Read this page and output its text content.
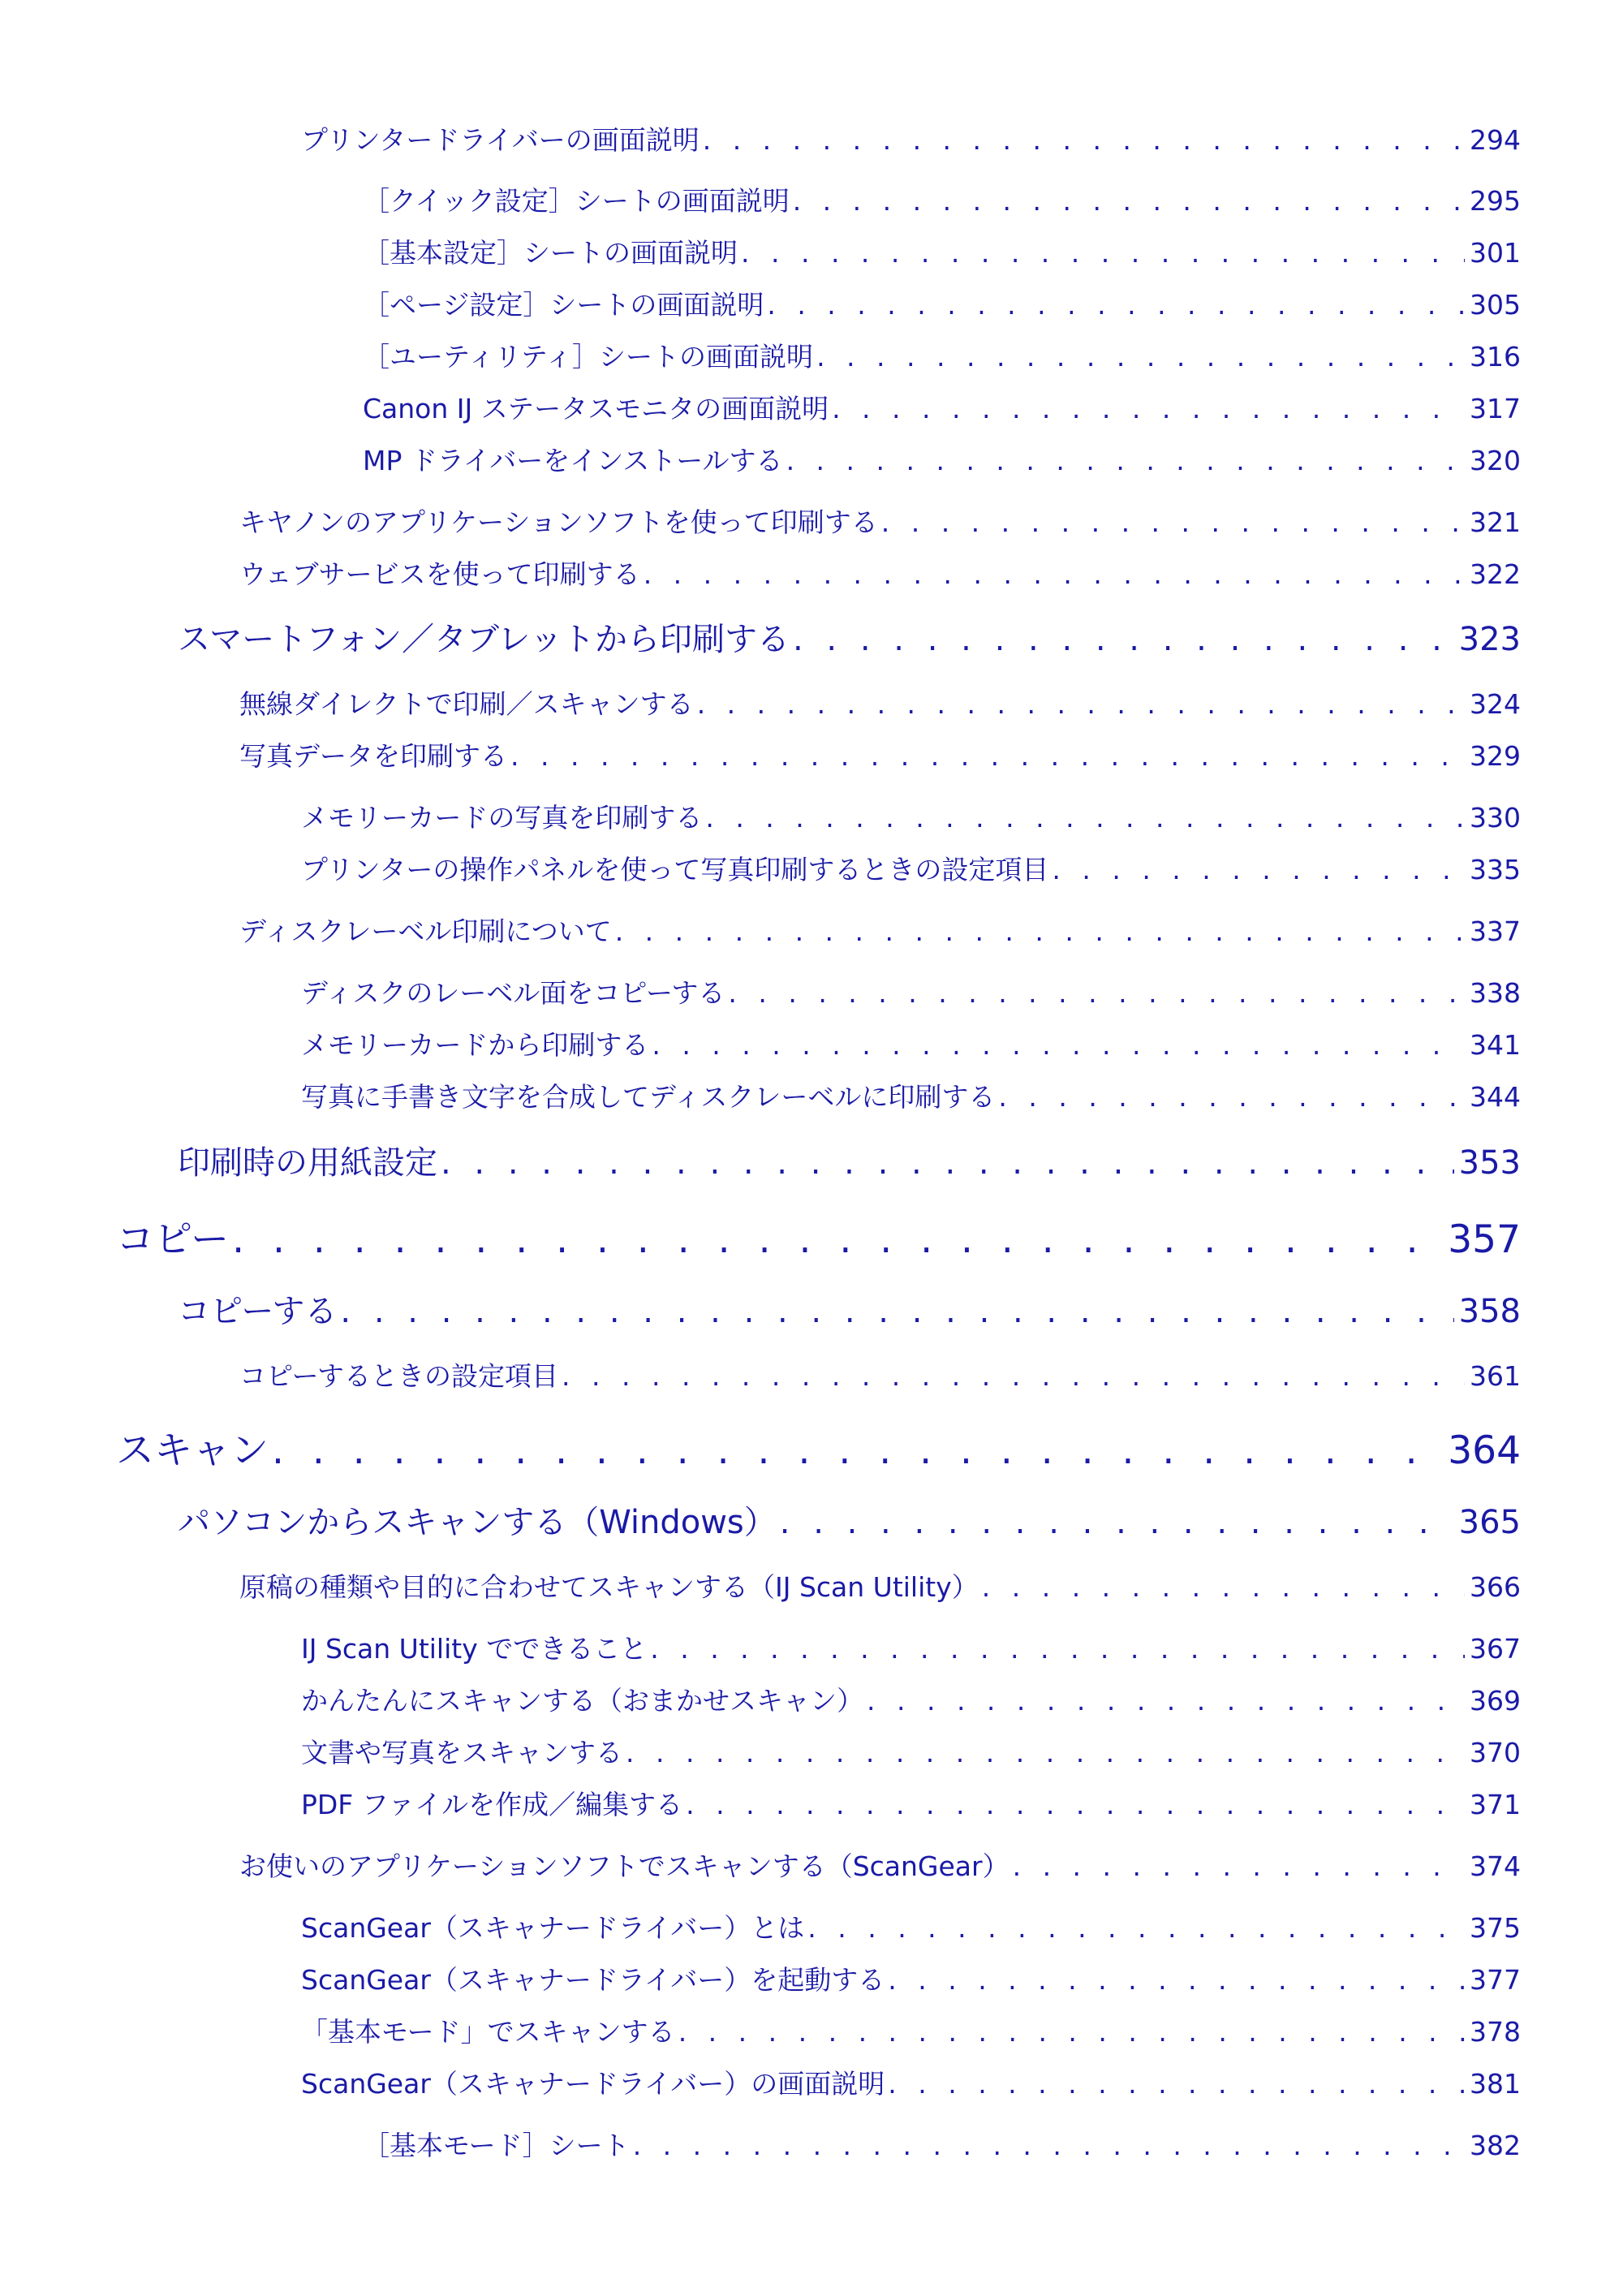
プリンタードライバーの画面説明 . . .	294
［クイック設定］シートの画面説明 . . .	295
［基本設定］シートの画面説明 . . .	301
［ページ設定］シートの画面説明 . . .	305
［ユーティリティ］シートの画面説明 . . .	316
Canon IJ ステータスモニタの画面説明 . . .	317
MP ドライバーをインストールする . . .	320
キヤノンのアプリケーションソフトを使って印刷する . . .	321
ウェブサービスを使って印刷する . . .	322
スマートフォン／タブレットから印刷する . . .	323
無線ダイレクトで印刷／スキャンする . . .	324
写真データを印刷する . . .	329
メモリーカードの写真を印刷する . . .	330
プリンターの操作パネルを使って写真印刷するときの設定項目 . . .	335
ディスクレーベル印刷について . . .	337
ディスクのレーベル面をコピーする . . .	338
メモリーカードから印刷する . . .	341
写真に手書き文字を合成してディスクレーベルに印刷する . . .	344
印刷時の用紙設定 . . .	353
コピー . . .	357
コピーする . . .	358
コピーするときの設定項目 . . .	361
スキャン . . .	364
パソコンからスキャンする（Windows） . . .	365
原稿の種類や目的に合わせてスキャンする（IJ Scan Utility） . . .	366
IJ Scan Utility でできること . . .	367
かんたんにスキャンする（おまかせスキャン） . . .	369
文書や写真をスキャンする . . .	370
PDF ファイルを作成／編集する . . .	371
お使いのアプリケーションソフトでスキャンする（ScanGear） . . .	374
ScanGear（スキャナードライバー）とは . . .	375
ScanGear（スキャナードライバー）を起動する . . .	377
「基本モード」でスキャンする . . .	378
ScanGear（スキャナードライバー）の画面説明 . . .	381
［基本モード］シート . . .	382
